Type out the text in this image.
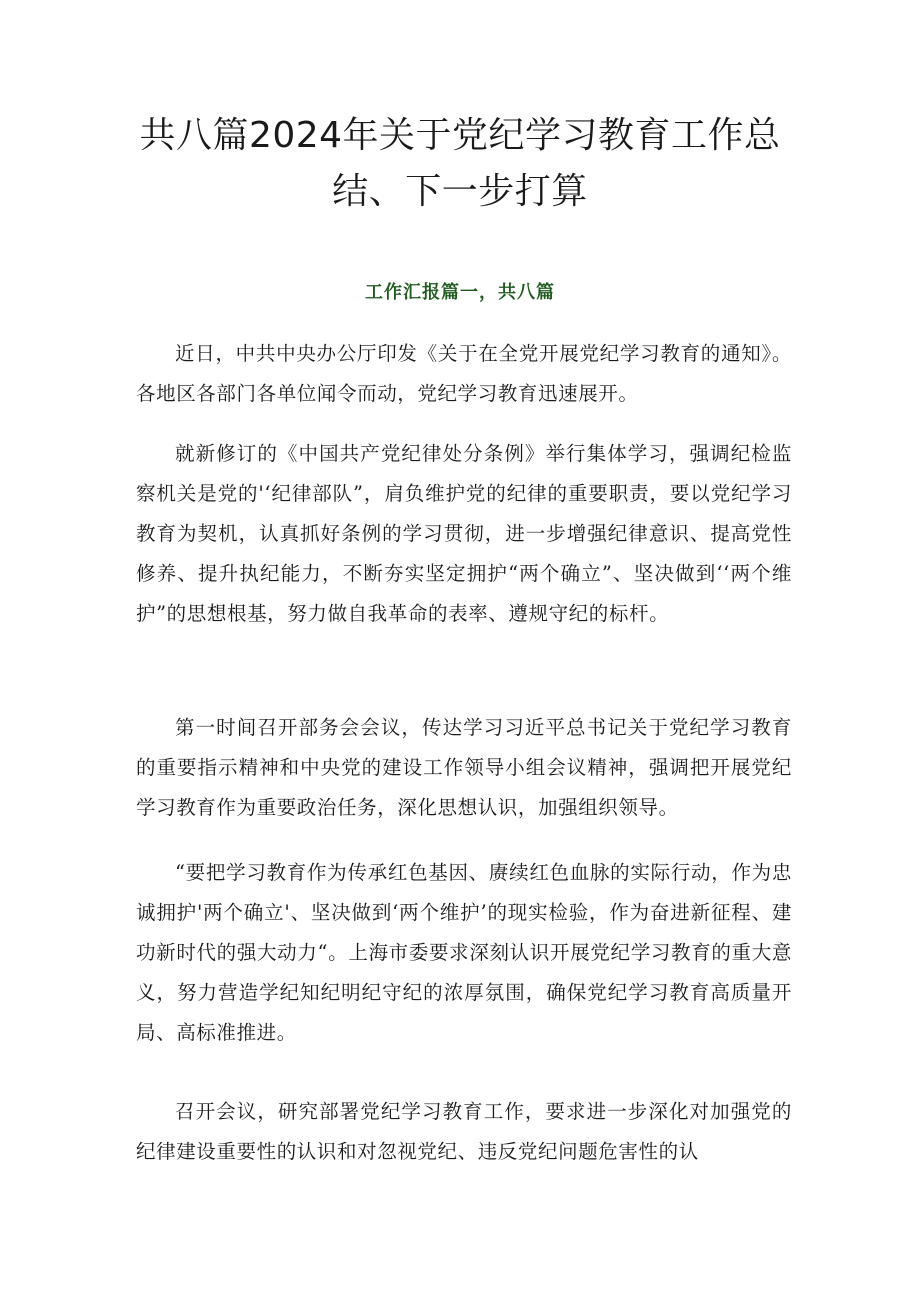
共八篇2024年关于党纪学习教育工作总
结、下一步打算
工作汇报篇一，共八篇

近日，中共中央办公厅印发《关于在全党开展党纪学习教育的通知》。各地区各部门各单位闻令而动，党纪学习教育迅速展开。

就新修订的《中国共产党纪律处分条例》举行集体学习，强调纪检监察机关是党的'‘纪律部队”，肩负维护党的纪律的重要职责，要以党纪学习教育为契机，认真抓好条例的学习贯彻，进一步增强纪律意识、提高党性修养、提升执纪能力，不断夯实坚定拥护“两个确立”、坚决做到‘‘两个维护”的思想根基，努力做自我革命的表率、遵规守纪的标杆。

第一时间召开部务会会议，传达学习习近平总书记关于党纪学习教育的重要指示精神和中央党的建设工作领导小组会议精神，强调把开展党纪学习教育作为重要政治任务，深化思想认识，加强组织领导。

“要把学习教育作为传承红色基因、赓续红色血脉的实际行动，作为忠诚拥护'两个确立'、坚决做到‘两个维护’的现实检验，作为奋进新征程、建功新时代的强大动力“。上海市委要求深刻认识开展党纪学习教育的重大意义，努力营造学纪知纪明纪守纪的浓厚氛围，确保党纪学习教育高质量开局、高标准推进。

召开会议，研究部署党纪学习教育工作，要求进一步深化对加强党的纪律建设重要性的认识和对忽视党纪、违反党纪问题危害性的认
